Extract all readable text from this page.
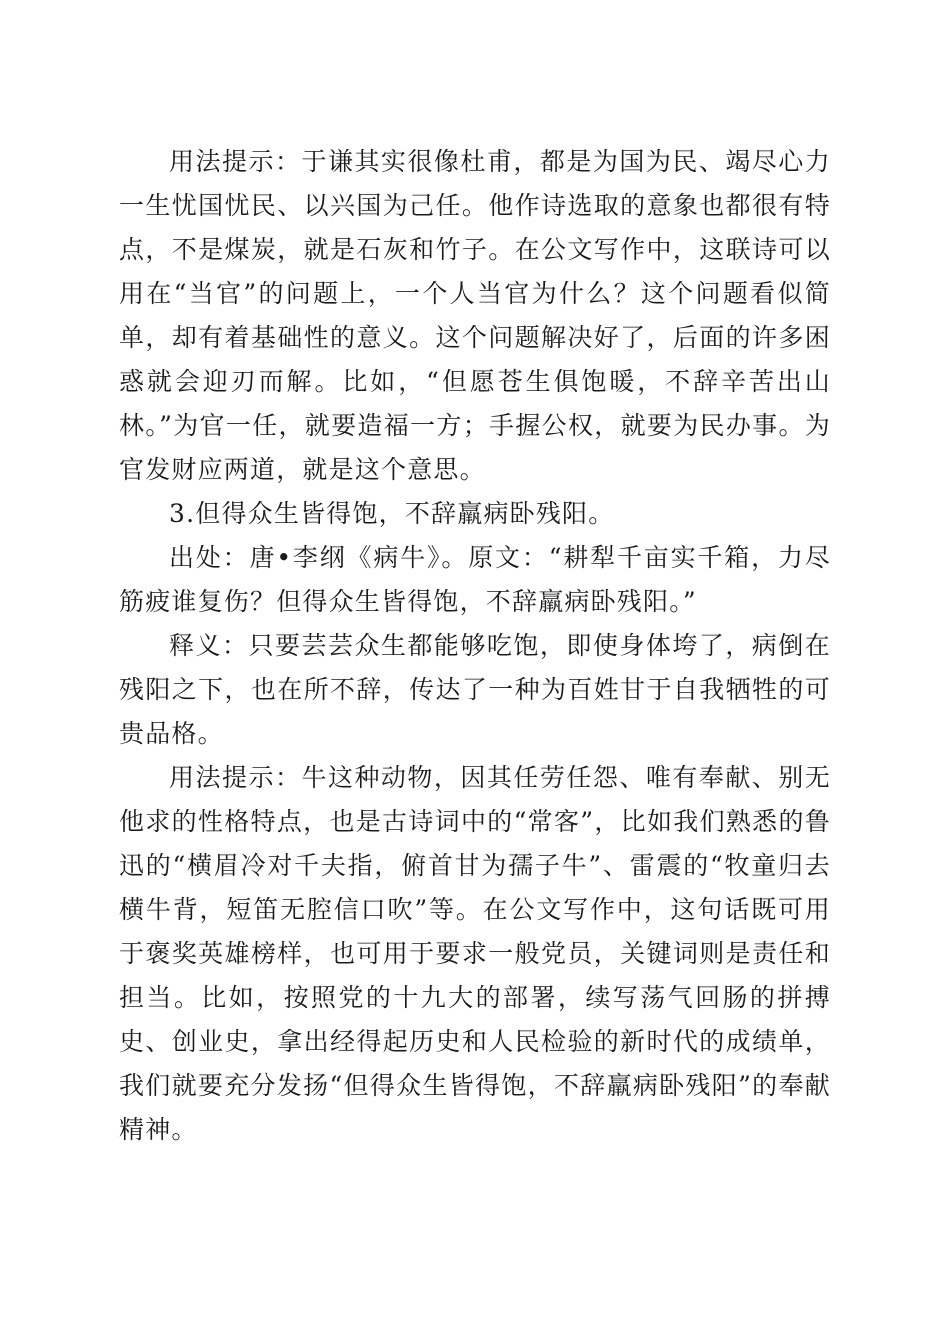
用法提示：于谦其实很像杜甫，都是为国为民、竭尽心力一生忧国忧民、以兴国为己任。他作诗选取的意象也都很有特点，不是煤炭，就是石灰和竹子。在公文写作中，这联诗可以用在“当官”的问题上，一个人当官为什么？这个问题看似简单，却有着基础性的意义。这个问题解决好了，后面的许多困惑就会迎刃而解。比如，“但愿苍生俱饱暖，不辞辛苦出山林。”为官一任，就要造福一方；手握公权，就要为民办事。为官发财应两道，就是这个意思。

3.但得众生皆得饱，不辞羸病卧残阳。

出处：唐•李纲《病牛》。原文：“耕犁千亩实千箱，力尽筋疲谁复伤？但得众生皆得饱，不辞羸病卧残阳。”

释义：只要芸芸众生都能够吃饱，即使身体垮了，病倒在残阳之下，也在所不辞，传达了一种为百姓甘于自我牺牲的可贵品格。

用法提示：牛这种动物，因其任劳任怨、唯有奉献、别无他求的性格特点，也是古诗词中的“常客”，比如我们熟悉的鲁迅的“横眉冷对千夫指，俯首甘为孺子牛”、雷震的“牧童归去横牛背，短笛无腔信口吹”等。在公文写作中，这句话既可用于褒奖英雄榜样，也可用于要求一般党员，关键词则是责任和担当。比如，按照党的十九大的部署，续写荡气回肠的拼搏史、创业史，拿出经得起历史和人民检验的新时代的成绩单，我们就要充分发扬“但得众生皆得饱，不辞羸病卧残阳”的奉献精神。
